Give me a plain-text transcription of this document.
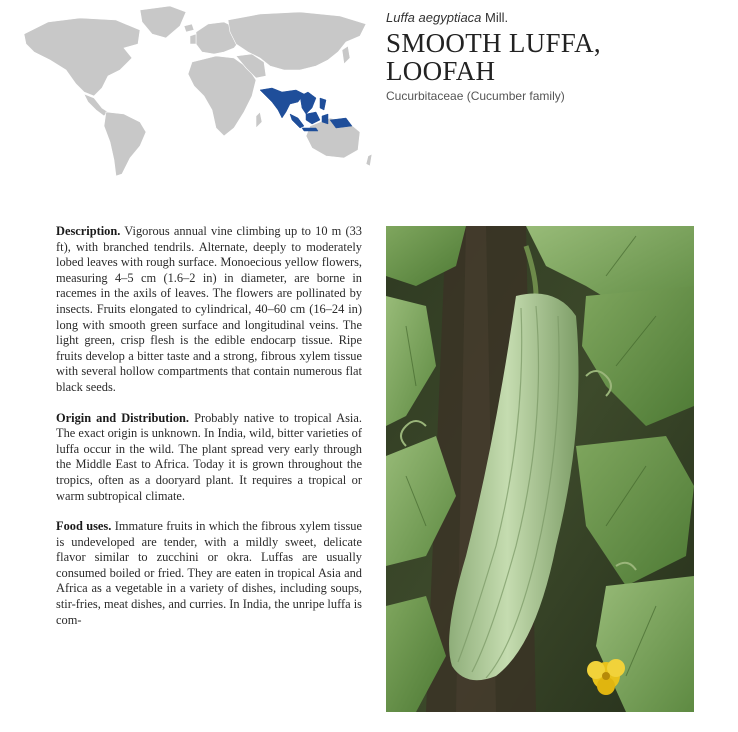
Luffa aegyptiaca Mill.
SMOOTH LUFFA,
LOOFAH
Cucurbitaceae (Cucumber family)

Description. Vigorous annual vine climbing up to 10 m (33 ft), with branched tendrils. Alternate, deeply to moderately lobed leaves with rough surface. Monoecious yellow flowers, measuring 4–5 cm (1.6–2 in) in diameter, are borne in racemes in the axils of leaves. The flowers are pollinated by insects. Fruits elongated to cylindrical, 40–60 cm (16–24 in) long with smooth green surface and longitudinal veins. The light green, crisp flesh is the edible endocarp tissue. Ripe fruits develop a bitter taste and a strong, fibrous xylem tissue with several hollow compartments that contain numerous flat black seeds.

Origin and Distribution. Probably native to tropical Asia. The exact origin is unknown. In India, wild, bitter varieties of luffa occur in the wild. The plant spread very early through the Middle East to Africa. Today it is grown throughout the tropics, often as a dooryard plant. It requires a tropical or warm subtropical climate.

Food uses. Immature fruits in which the fibrous xylem tissue is undeveloped are tender, with a mildly sweet, delicate flavor similar to zucchini or okra. Luffas are usually consumed boiled or fried. They are eaten in tropical Asia and Africa as a vegetable in a variety of dishes, including soups, stir-fries, meat dishes, and curries. In India, the unripe luffa is com-
